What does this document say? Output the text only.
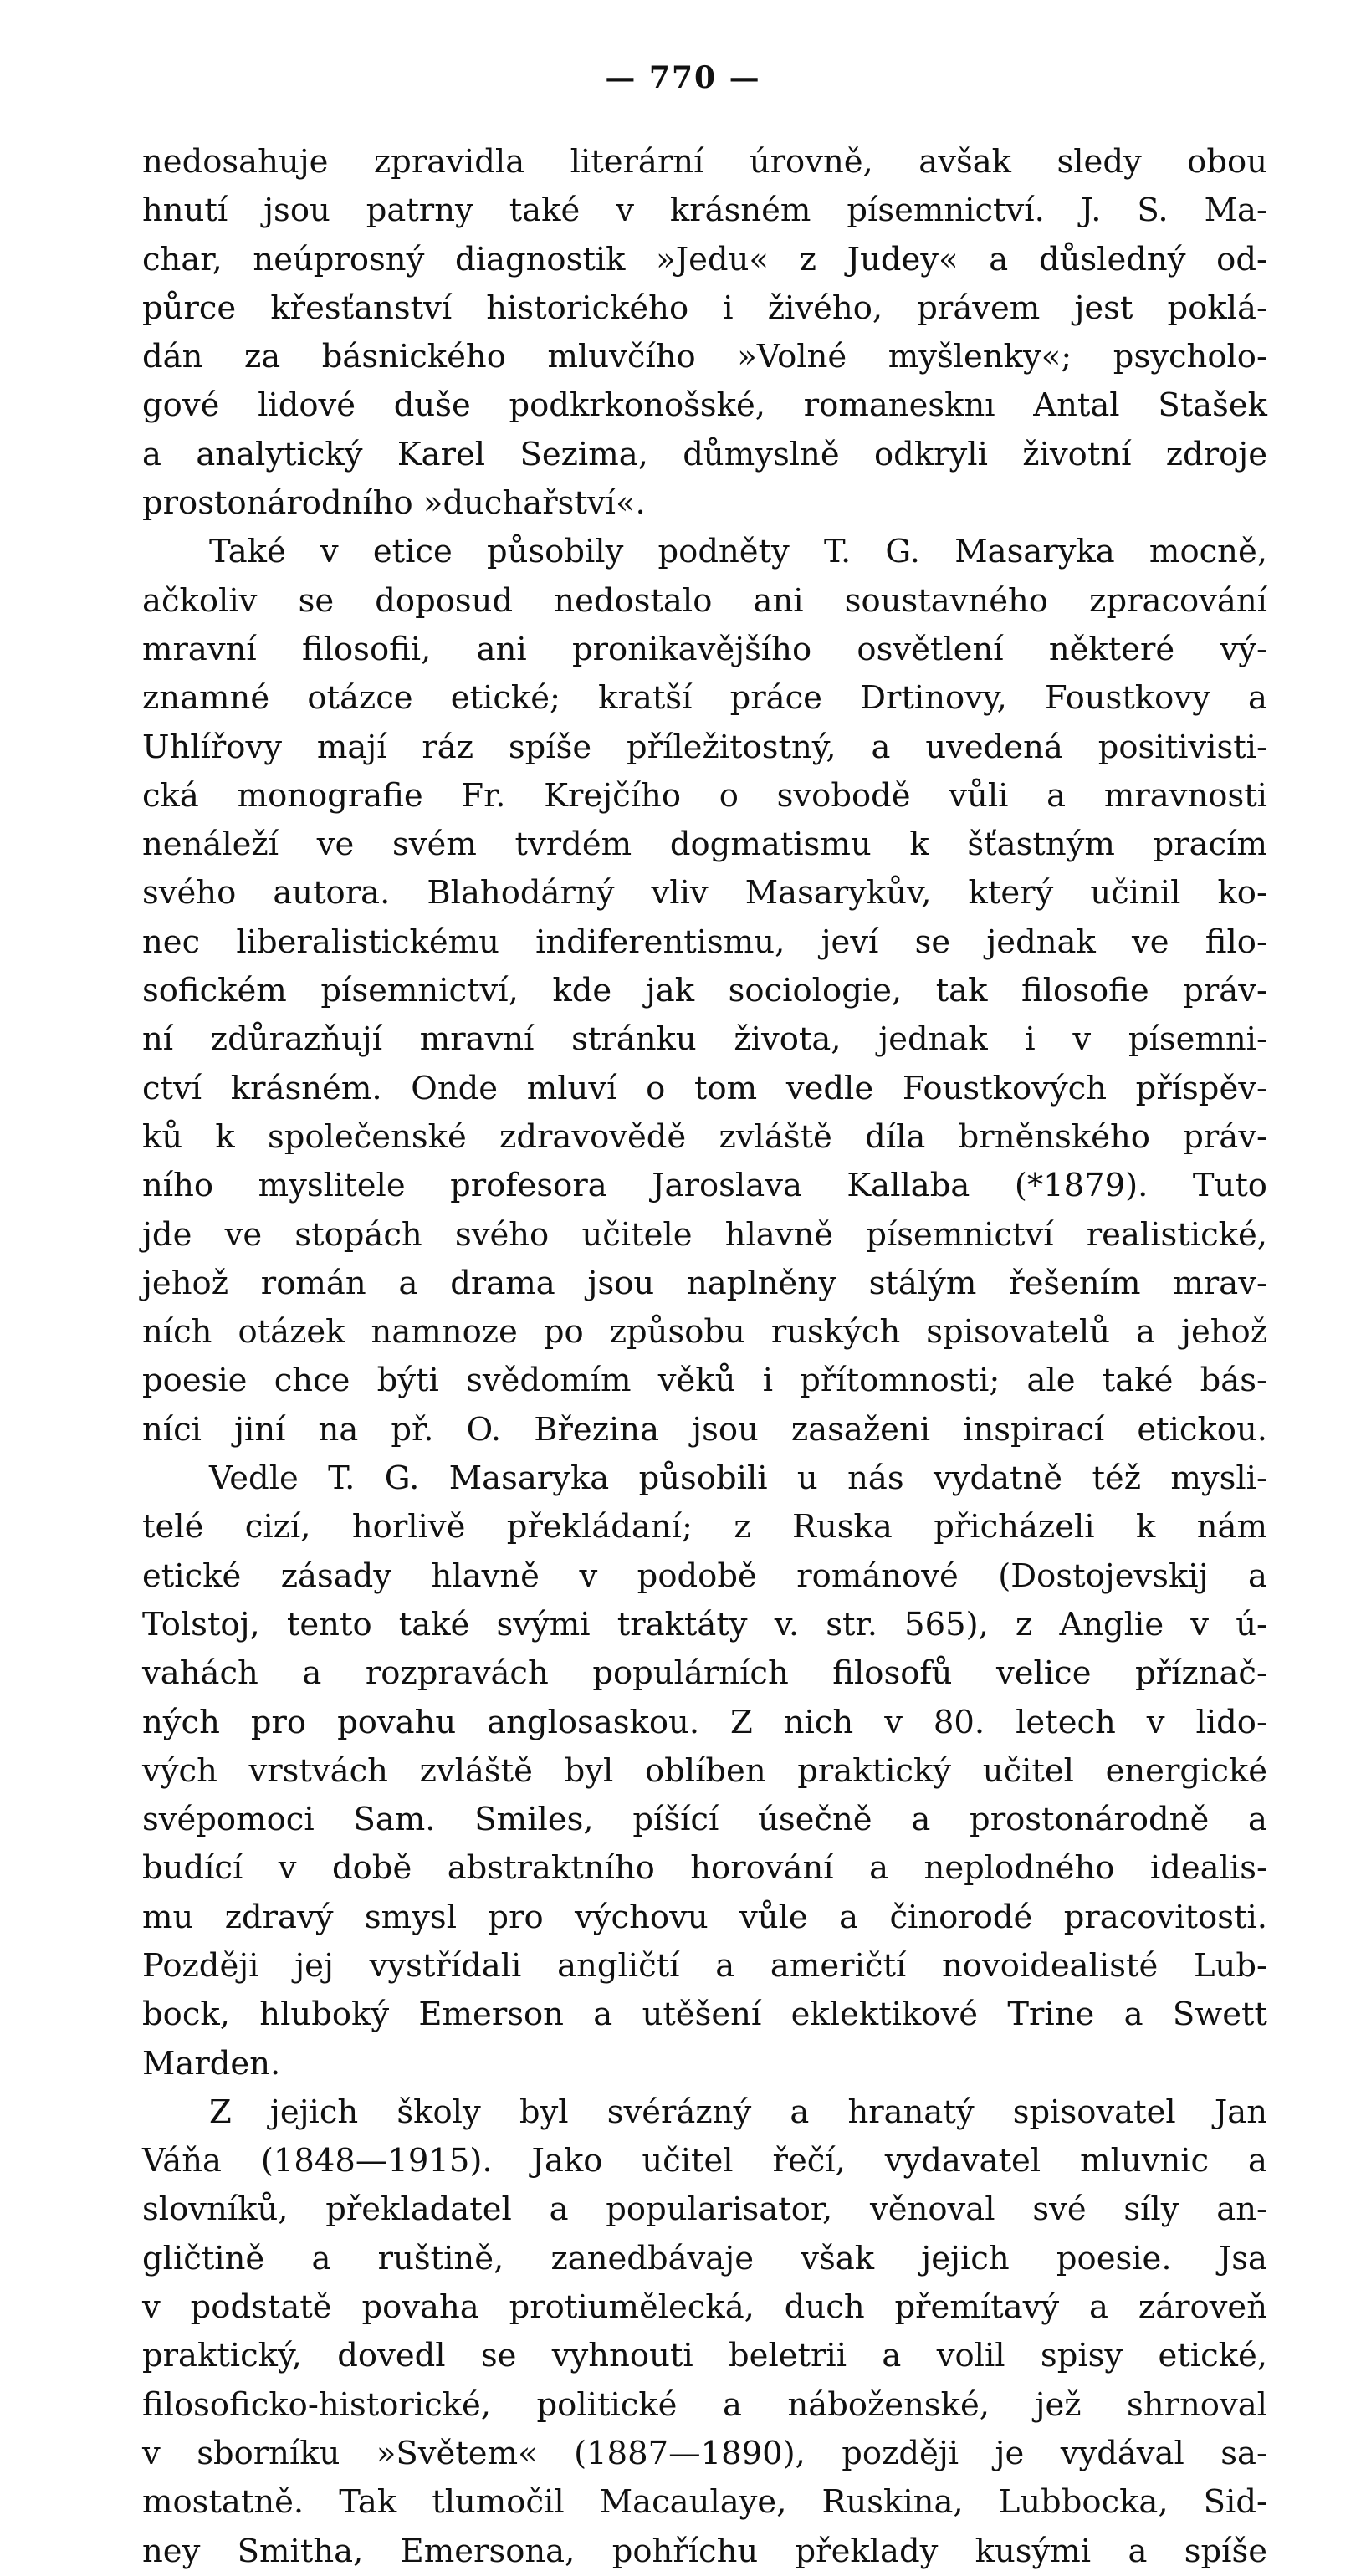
— 770 —
nedosahuje zpravidla literární úrovně, avšak sledy obou
hnutí jsou patrny také v krásném písemnictví. J. S. Ma-
char, neúprosný diagnostik »Jedu« z Judey« a důsledný od-
půrce křesťanství historického i živého, právem jest poklá-
dán za básnického mluvčího »Volné myšlenky«; psycholo-
gové lidové duše podkrkonošské, romanesknı Antal Stašek
a analytický Karel Sezima, důmyslně odkryli životní zdroje
prostonárodního »duchařství«.
Také v etice působily podněty T. G. Masaryka mocně,
ačkoliv se doposud nedostalo ani soustavného zpracování
mravní filosofii, ani pronikavějšího osvětlení některé vý-
znamné otázce etické; kratší práce Drtinovy, Foustkovy a
Uhlířovy mají ráz spíše příležitostný, a uvedená positivisti-
cká monografie Fr. Krejčího o svobodě vůli a mravnosti
nenáleží ve svém tvrdém dogmatismu k šťastným pracím
svého autora. Blahodárný vliv Masarykův, který učinil ko-
nec liberalistickému indiferentismu, jeví se jednak ve filo-
sofickém písemnictví, kde jak sociologie, tak filosofie práv-
ní zdůrazňují mravní stránku života, jednak i v písemni-
ctví krásném. Onde mluví o tom vedle Foustkových příspěv-
ků k společenské zdravovědě zvláště díla brněnského práv-
ního myslitele profesora Jaroslava Kallaba (*1879). Tuto
jde ve stopách svého učitele hlavně písemnictví realistické,
jehož román a drama jsou naplněny stálým řešením mrav-
ních otázek namnoze po způsobu ruských spisovatelů a jehož
poesie chce býti svědomím věků i přítomnosti; ale také bás-
níci jiní na př. O. Březina jsou zasaženi inspirací etickou.
Vedle T. G. Masaryka působili u nás vydatně též mysli-
telé cizí, horlivě překládaní; z Ruska přicházeli k nám
etické zásady hlavně v podobě románové (Dostojevskij a
Tolstoj, tento také svými traktáty v. str. 565), z Anglie v ú-
vahách a rozpravách populárních filosofů velice příznač-
ných pro povahu anglosaskou. Z nich v 80. letech v lido-
vých vrstvách zvláště byl oblíben praktický učitel energické
svépomoci Sam. Smiles, píšící úsečně a prostonárodně a
budící v době abstraktního horování a neplodného idealis-
mu zdravý smysl pro výchovu vůle a činorodé pracovitosti.
Později jej vystřídali angličtí a američtí novoidealisté Lub-
bock, hluboký Emerson a utěšení eklektikové Trine a Swett
Marden.
Z jejich školy byl svérázný a hranatý spisovatel Jan
Váňa (1848—1915). Jako učitel řečí, vydavatel mluvnic a
slovníků, překladatel a popularisator, věnoval své síly an-
gličtině a ruštině, zanedbávaje však jejich poesie. Jsa
v podstatě povaha protiumělecká, duch přemítavý a zároveň
praktický, dovedl se vyhnouti beletrii a volil spisy etické,
filosoficko-historické, politické a náboženské, jež shrnoval
v sborníku »Světem« (1887—1890), později je vydával sa-
mostatně. Tak tlumočil Macaulaye, Ruskina, Lubbocka, Sid-
ney Smitha, Emersona, pohříchu překlady kusými a spíše
